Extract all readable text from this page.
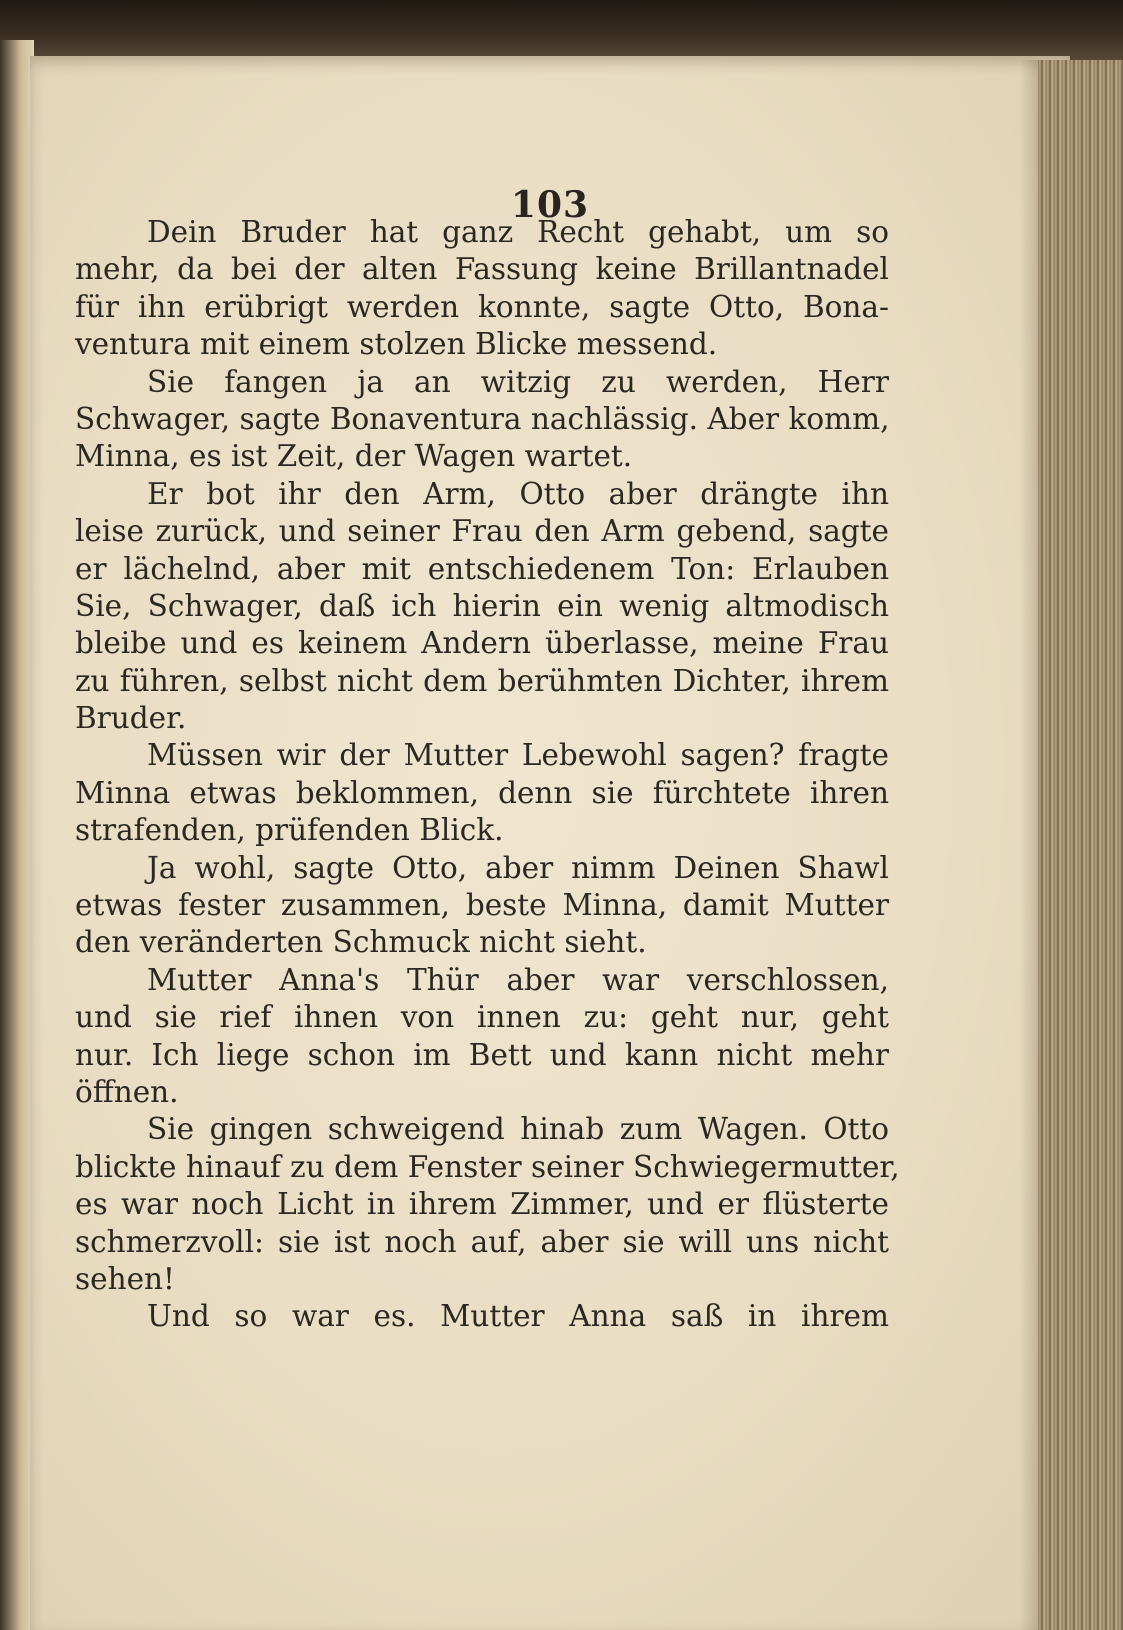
103
Dein Bruder hat ganz Recht gehabt, um so
mehr, da bei der alten Fassung keine Brillantnadel
für ihn erübrigt werden konnte, sagte Otto, Bona-
ventura mit einem stolzen Blicke messend.
Sie fangen ja an witzig zu werden, Herr
Schwager, sagte Bonaventura nachlässig. Aber komm,
Minna, es ist Zeit, der Wagen wartet.
Er bot ihr den Arm, Otto aber drängte ihn
leise zurück, und seiner Frau den Arm gebend, sagte
er lächelnd, aber mit entschiedenem Ton: Erlauben
Sie, Schwager, daß ich hierin ein wenig altmodisch
bleibe und es keinem Andern überlasse, meine Frau
zu führen, selbst nicht dem berühmten Dichter, ihrem
Bruder.
Müssen wir der Mutter Lebewohl sagen? fragte
Minna etwas beklommen, denn sie fürchtete ihren
strafenden, prüfenden Blick.
Ja wohl, sagte Otto, aber nimm Deinen Shawl
etwas fester zusammen, beste Minna, damit Mutter
den veränderten Schmuck nicht sieht.
Mutter Anna's Thür aber war verschlossen,
und sie rief ihnen von innen zu: geht nur, geht
nur. Ich liege schon im Bett und kann nicht mehr
öffnen.
Sie gingen schweigend hinab zum Wagen. Otto
blickte hinauf zu dem Fenster seiner Schwiegermutter,
es war noch Licht in ihrem Zimmer, und er flüsterte
schmerzvoll: sie ist noch auf, aber sie will uns nicht
sehen!
Und so war es. Mutter Anna saß in ihrem
